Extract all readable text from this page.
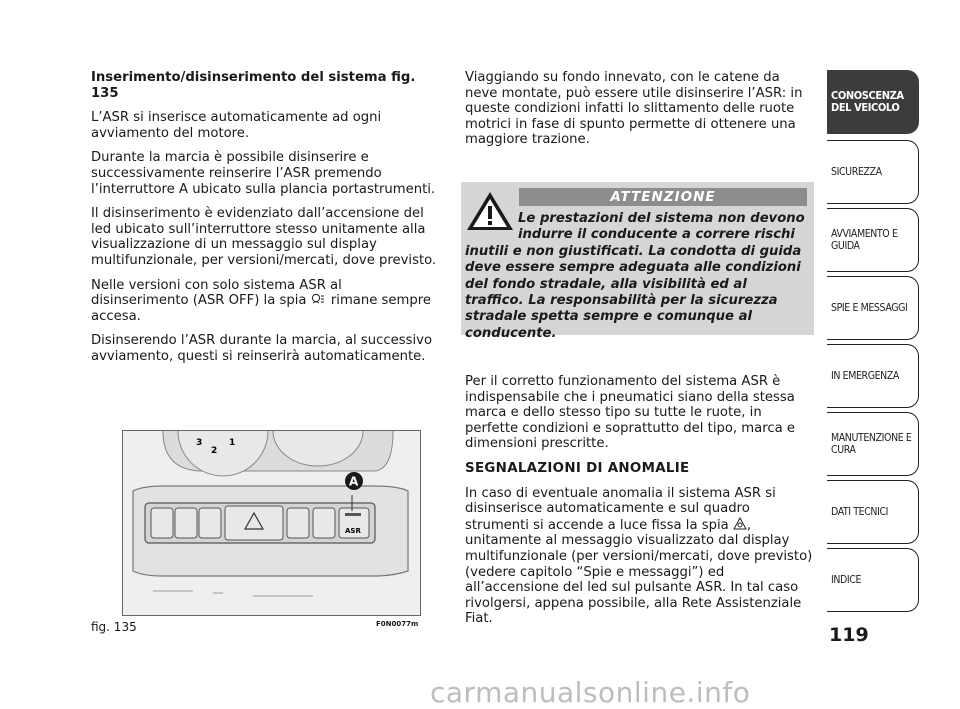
Inserimento/disinserimento del sistema fig. 135

L’ASR si inserisce automaticamente ad ogni avviamento del motore.

Durante la marcia è possibile disinserire e successivamente reinserire l’ASR premendo l’interruttore A ubicato sulla plancia portastrumenti.

Il disinserimento è evidenziato dall’accensione del led ubicato sull’interruttore stesso unitamente alla visualizzazione di un messaggio sul display multifunzionale, per versioni/mercati, dove previsto.

Nelle versioni con solo sistema ASR al disinserimento (ASR OFF) la spia rimane sempre accesa.

Disinserendo l’ASR durante la marcia, al successivo avviamento, questi si reinserirà automaticamente.

Viaggiando su fondo innevato, con le catene da neve montate, può essere utile disinserire l’ASR: in queste condizioni infatti lo slittamento delle ruote motrici in fase di spunto permette di ottenere una maggiore trazione.

ATTENZIONE
Le prestazioni del sistema non devono indurre il conducente a correre rischi
inutili e non giustificati. La condotta di guida deve essere sempre adeguata alle condizioni del fondo stradale, alla visibilità ed al traffico. La responsabilità per la sicurezza stradale spetta sempre e comunque al conducente.

Per il corretto funzionamento del sistema ASR è indispensabile che i pneumatici siano della stessa marca e dello stesso tipo su tutte le ruote, in perfette condizioni e soprattutto del tipo, marca e dimensioni prescritte.

SEGNALAZIONI DI ANOMALIE

In caso di eventuale anomalia il sistema ASR si disinserisce automaticamente e sul quadro strumenti si accende a luce fissa la spia , unitamente al messaggio visualizzato dal display multifunzionale (per versioni/mercati, dove previsto) (vedere capitolo “Spie e messaggi”) ed all’accensione del led sul pulsante ASR. In tal caso rivolgersi, appena possibile, alla Rete Assistenziale Fiat.

3
2
1
ASR
A
fig. 135	F0N0077m
CONOSCENZA DEL VEICOLO
SICUREZZA
AVVIAMENTO E GUIDA
SPIE E MESSAGGI
IN EMERGENZA
MANUTENZIONE E CURA
DATI TECNICI
INDICE
119
carmanualsonline.info
